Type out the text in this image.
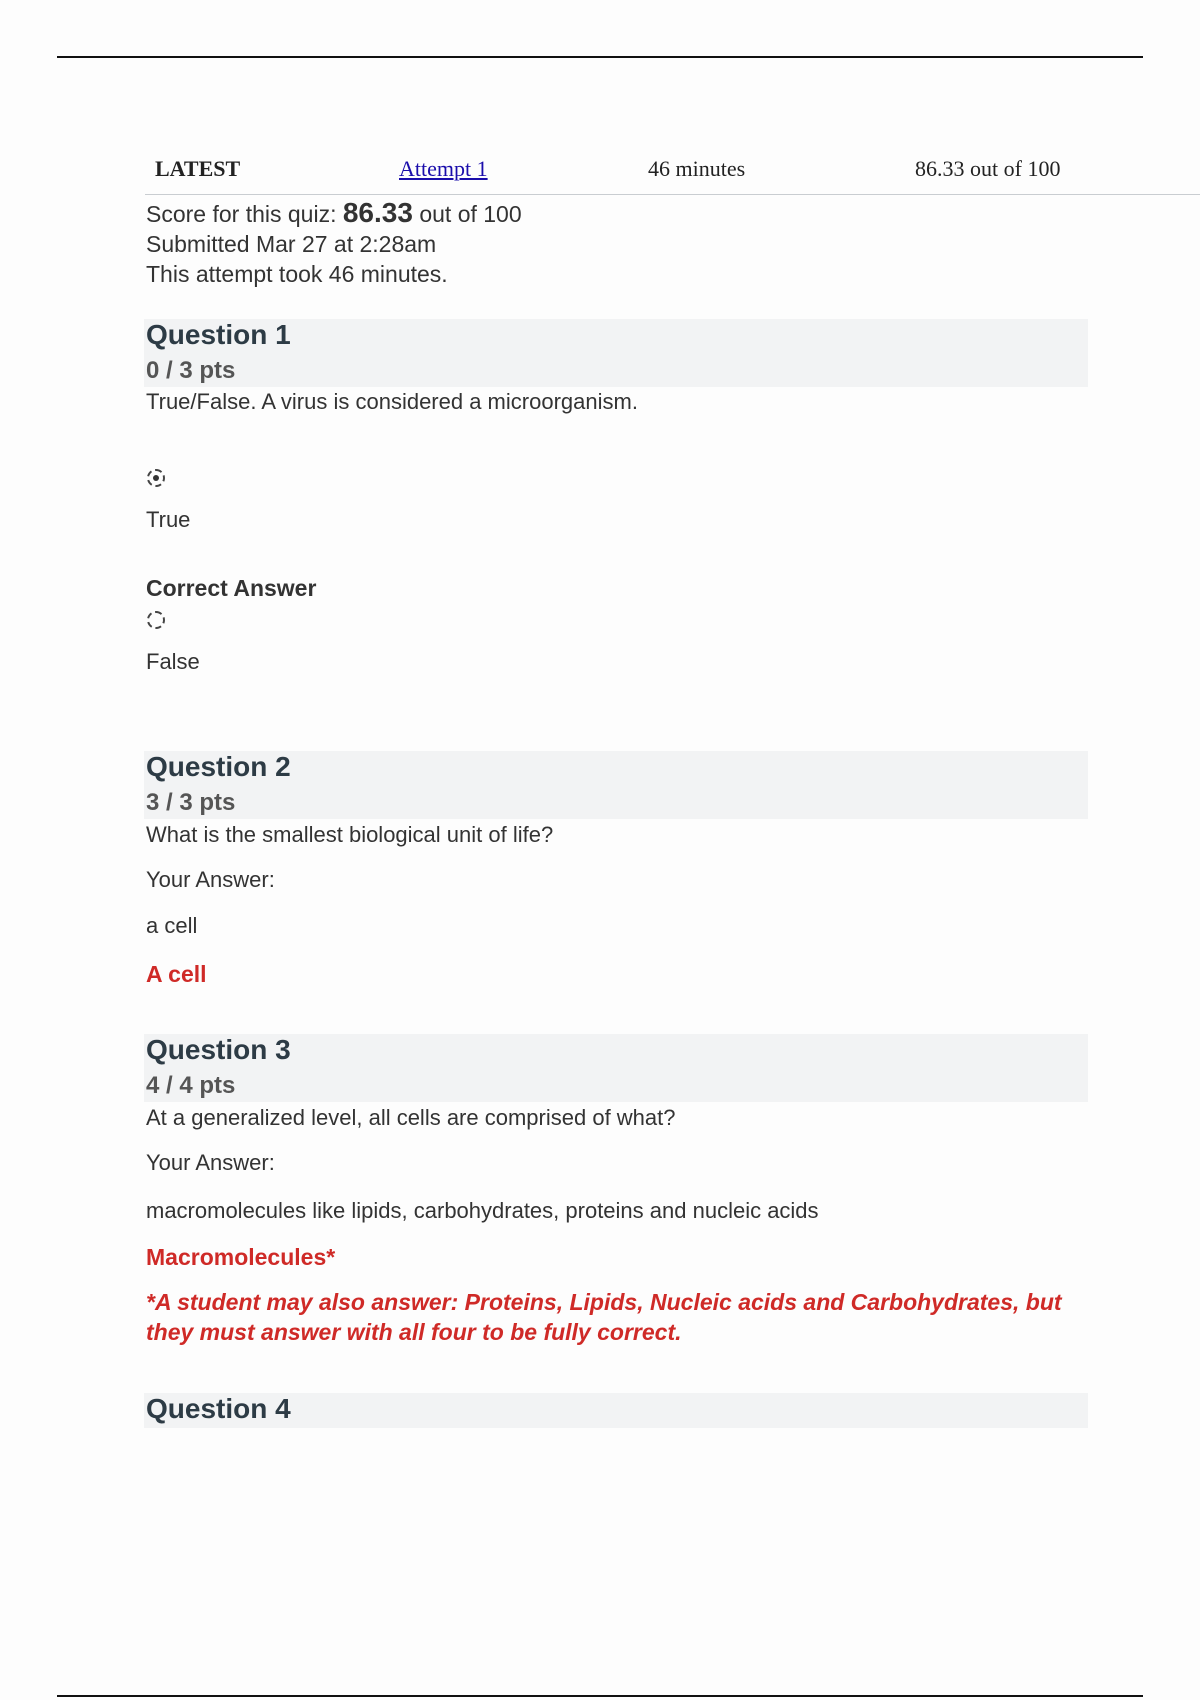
LATEST	Attempt 1	46 minutes	86.33 out of 100
Score for this quiz: 86.33 out of 100
Submitted Mar 27 at 2:28am
This attempt took 46 minutes.
Question 1
0 / 3 pts
True/False. A virus is considered a microorganism.
True
Correct Answer
False
Question 2
3 / 3 pts
What is the smallest biological unit of life?
Your Answer:
a cell
A cell
Question 3
4 / 4 pts
At a generalized level, all cells are comprised of what?
Your Answer:
macromolecules like lipids, carbohydrates, proteins and nucleic acids
Macromolecules*
*A student may also answer: Proteins, Lipids, Nucleic acids and Carbohydrates, but they must answer with all four to be fully correct.
Question 4
